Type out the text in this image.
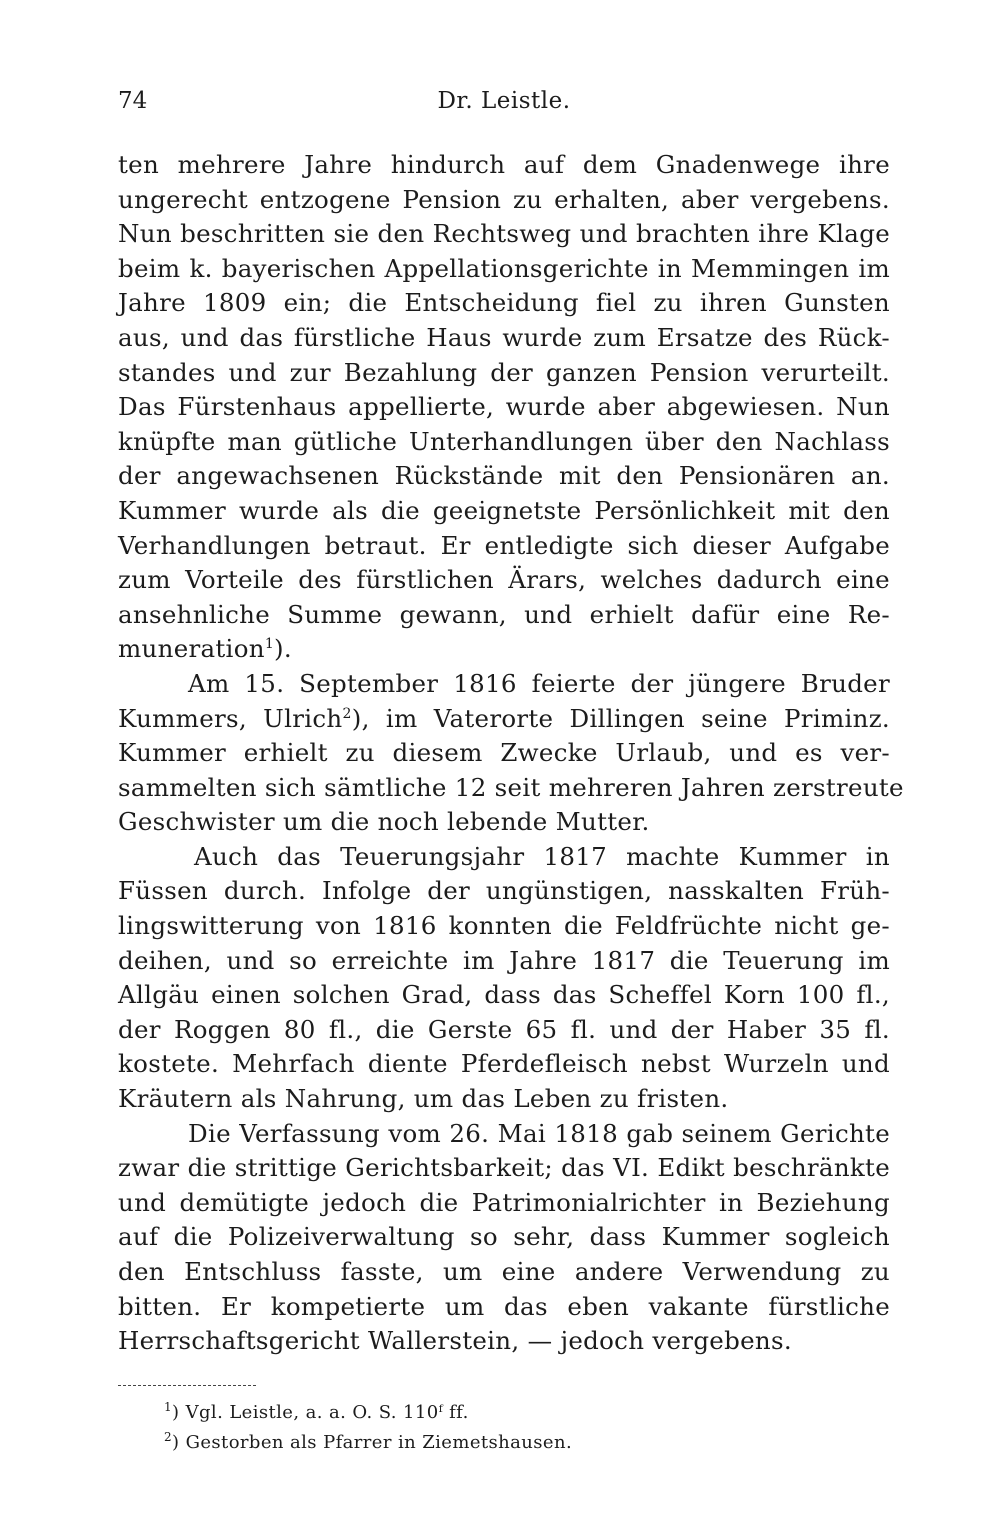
74	Dr. Leistle.
ten mehrere Jahre hindurch auf dem Gnadenwege ihre
ungerecht entzogene Pension zu erhalten, aber vergebens.
Nun beschritten sie den Rechtsweg und brachten ihre Klage
beim k. bayerischen Appellationsgerichte in Memmingen im
Jahre 1809 ein; die Entscheidung fiel zu ihren Gunsten
aus, und das fürstliche Haus wurde zum Ersatze des Rück-
standes und zur Bezahlung der ganzen Pension verurteilt.
Das Fürstenhaus appellierte, wurde aber abgewiesen. Nun
knüpfte man gütliche Unterhandlungen über den Nachlass
der angewachsenen Rückstände mit den Pensionären an.
Kummer wurde als die geeignetste Persönlichkeit mit den
Verhandlungen betraut. Er entledigte sich dieser Aufgabe
zum Vorteile des fürstlichen Ärars, welches dadurch eine
ansehnliche Summe gewann, und erhielt dafür eine Re-
muneration$^1$).
Am 15. September 1816 feierte der jüngere Bruder
Kummers, Ulrich$^2$), im Vaterorte Dillingen seine Priminz.
Kummer erhielt zu diesem Zwecke Urlaub, und es ver-
sammelten sich sämtliche 12 seit mehreren Jahren zerstreute
Geschwister um die noch lebende Mutter.
Auch das Teuerungsjahr 1817 machte Kummer in
Füssen durch. Infolge der ungünstigen, nasskalten Früh-
lingswitterung von 1816 konnten die Feldfrüchte nicht ge-
deihen, und so erreichte im Jahre 1817 die Teuerung im
Allgäu einen solchen Grad, dass das Scheffel Korn 100 fl.,
der Roggen 80 fl., die Gerste 65 fl. und der Haber 35 fl.
kostete. Mehrfach diente Pferdefleisch nebst Wurzeln und
Kräutern als Nahrung, um das Leben zu fristen.
Die Verfassung vom 26. Mai 1818 gab seinem Gerichte
zwar die strittige Gerichtsbarkeit; das VI. Edikt beschränkte
und demütigte jedoch die Patrimonialrichter in Beziehung
auf die Polizeiverwaltung so sehr, dass Kummer sogleich
den Entschluss fasste, um eine andere Verwendung zu
bitten. Er kompetierte um das eben vakante fürstliche
Herrschaftsgericht Wallerstein, — jedoch vergebens.
$^1$) Vgl. Leistle, a. a. O. S. 110ᶠ ff.
$^2$) Gestorben als Pfarrer in Ziemetshausen.
